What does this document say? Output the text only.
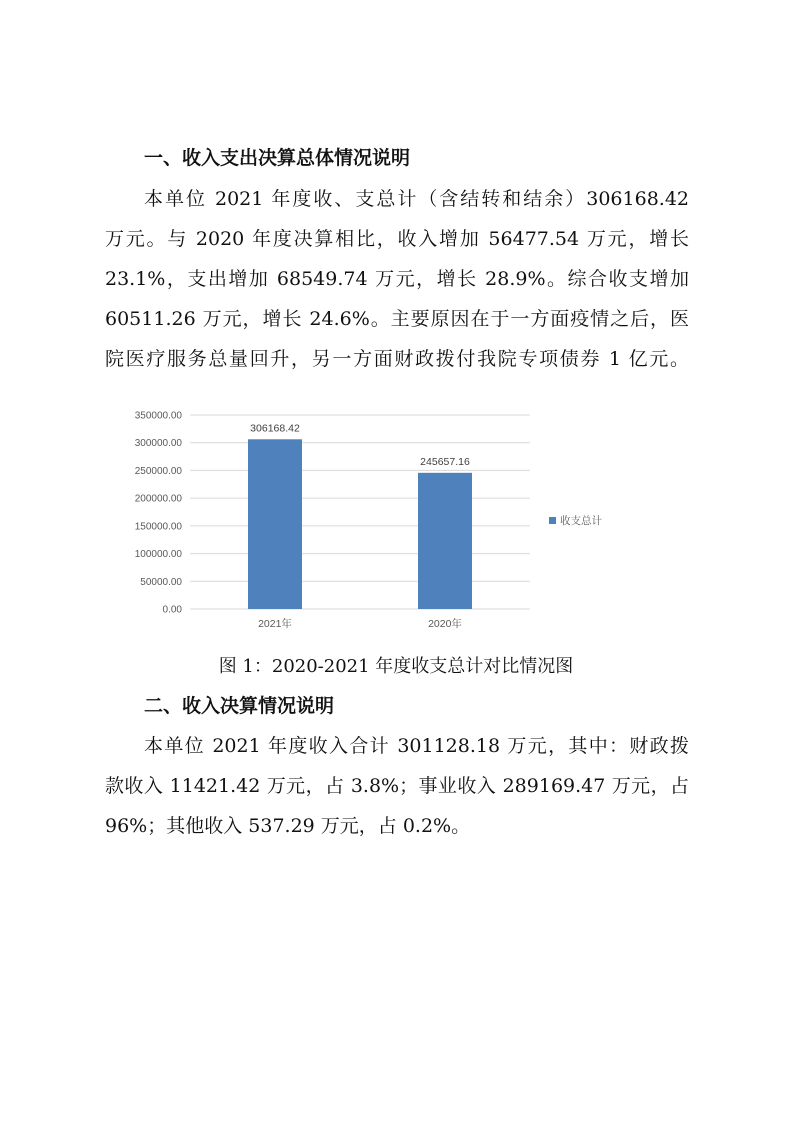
一、收入支出决算总体情况说明
本单位 2021 年度收、支总计（含结转和结余）306168.42
万元。与 2020 年度决算相比，收入增加 56477.54 万元，增长
23.1%，支出增加 68549.74 万元，增长 28.9%。综合收支增加
60511.26 万元，增长 24.6%。主要原因在于一方面疫情之后，医
院医疗服务总量回升，另一方面财政拨付我院专项债券 1 亿元。
0.00
50000.00
100000.00
150000.00
200000.00
250000.00
300000.00
350000.00
306168.42
2021年
245657.16
2020年
收支总计
图 1：2020-2021 年度收支总计对比情况图
二、收入决算情况说明
本单位 2021 年度收入合计 301128.18 万元，其中：财政拨
款收入 11421.42 万元，占 3.8%；事业收入 289169.47 万元，占
96%；其他收入 537.29 万元，占 0.2%。
